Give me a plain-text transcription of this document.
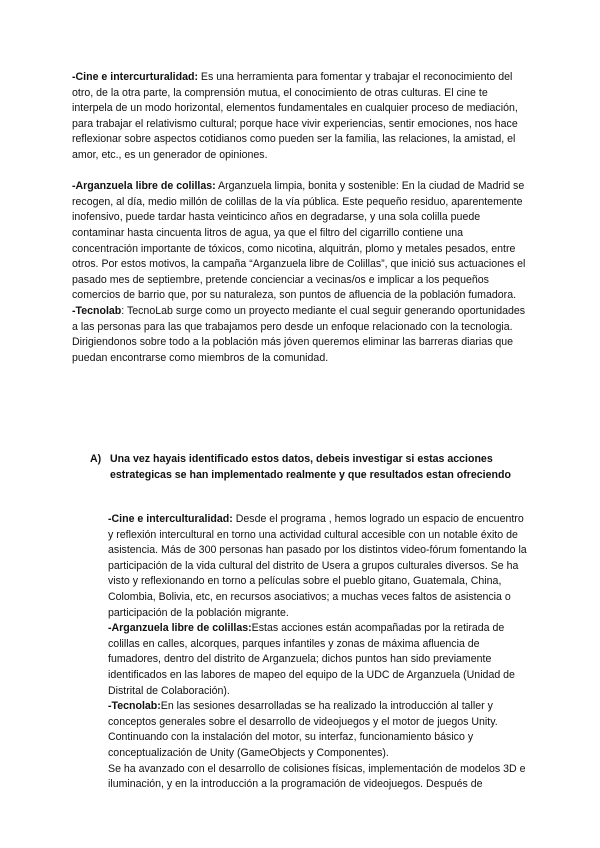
-Cine e intercurturalidad: Es una herramienta para fomentar y trabajar el reconocimiento del otro, de la otra parte, la comprensión mutua, el conocimiento de otras culturas. El cine te interpela de un modo horizontal, elementos fundamentales en cualquier proceso de mediación, para trabajar el relativismo cultural; porque hace vivir experiencias, sentir emociones, nos hace reflexionar sobre aspectos cotidianos como pueden ser la familia, las relaciones, la amistad, el amor, etc., es un generador de opiniones.

-Arganzuela libre de colillas: Arganzuela limpia, bonita y sostenible: En la ciudad de Madrid se recogen, al día, medio millón de colillas de la vía pública. Este pequeño residuo, aparentemente inofensivo, puede tardar hasta veinticinco años en degradarse, y una sola colilla puede contaminar hasta cincuenta litros de agua, ya que el filtro del cigarrillo contiene una concentración importante de tóxicos, como nicotina, alquitrán, plomo y metales pesados, entre otros. Por estos motivos, la campaña “Arganzuela libre de Colillas”, que inició sus actuaciones el pasado mes de septiembre, pretende concienciar a vecinas/os e implicar a los pequeños comercios de barrio que, por su naturaleza, son puntos de afluencia de la población fumadora.

-Tecnolab: TecnoLab surge como un proyecto mediante el cual seguir generando oportunidades a las personas para las que trabajamos pero desde un enfoque relacionado con la tecnologia. Dirigiendonos sobre todo a la población más jóven queremos eliminar las barreras diarias que puedan encontrarse como miembros de la comunidad.

A) Una vez hayais identificado estos datos, debeis investigar si estas acciones estrategicas se han implementado realmente y que resultados estan ofreciendo

-Cine e interculturalidad: Desde el programa , hemos logrado un espacio de encuentro y reflexión intercultural en torno una actividad cultural accesible con un notable éxito de asistencia. Más de 300 personas han pasado por los distintos video-fórum fomentando la participación de la vida cultural del distrito de Usera a grupos culturales diversos. Se ha visto y reflexionando en torno a películas sobre el pueblo gitano, Guatemala, China, Colombia, Bolivia, etc, en recursos asociativos; a muchas veces faltos de asistencia o participación de la población migrante.

-Arganzuela libre de colillas:Estas acciones están acompañadas por la retirada de colillas en calles, alcorques, parques infantiles y zonas de máxima afluencia de fumadores, dentro del distrito de Arganzuela; dichos puntos han sido previamente identificados en las labores de mapeo del equipo de la UDC de Arganzuela (Unidad de Distrital de Colaboración).

-Tecnolab:En las sesiones desarrolladas se ha realizado la introducción al taller y conceptos generales sobre el desarrollo de videojuegos y el motor de juegos Unity. Continuando con la instalación del motor, su interfaz, funcionamiento básico y conceptualización de Unity (GameObjects y Componentes).

Se ha avanzado con el desarrollo de colisiones físicas, implementación de modelos 3D e iluminación, y en la introducción a la programación de videojuegos. Después de
